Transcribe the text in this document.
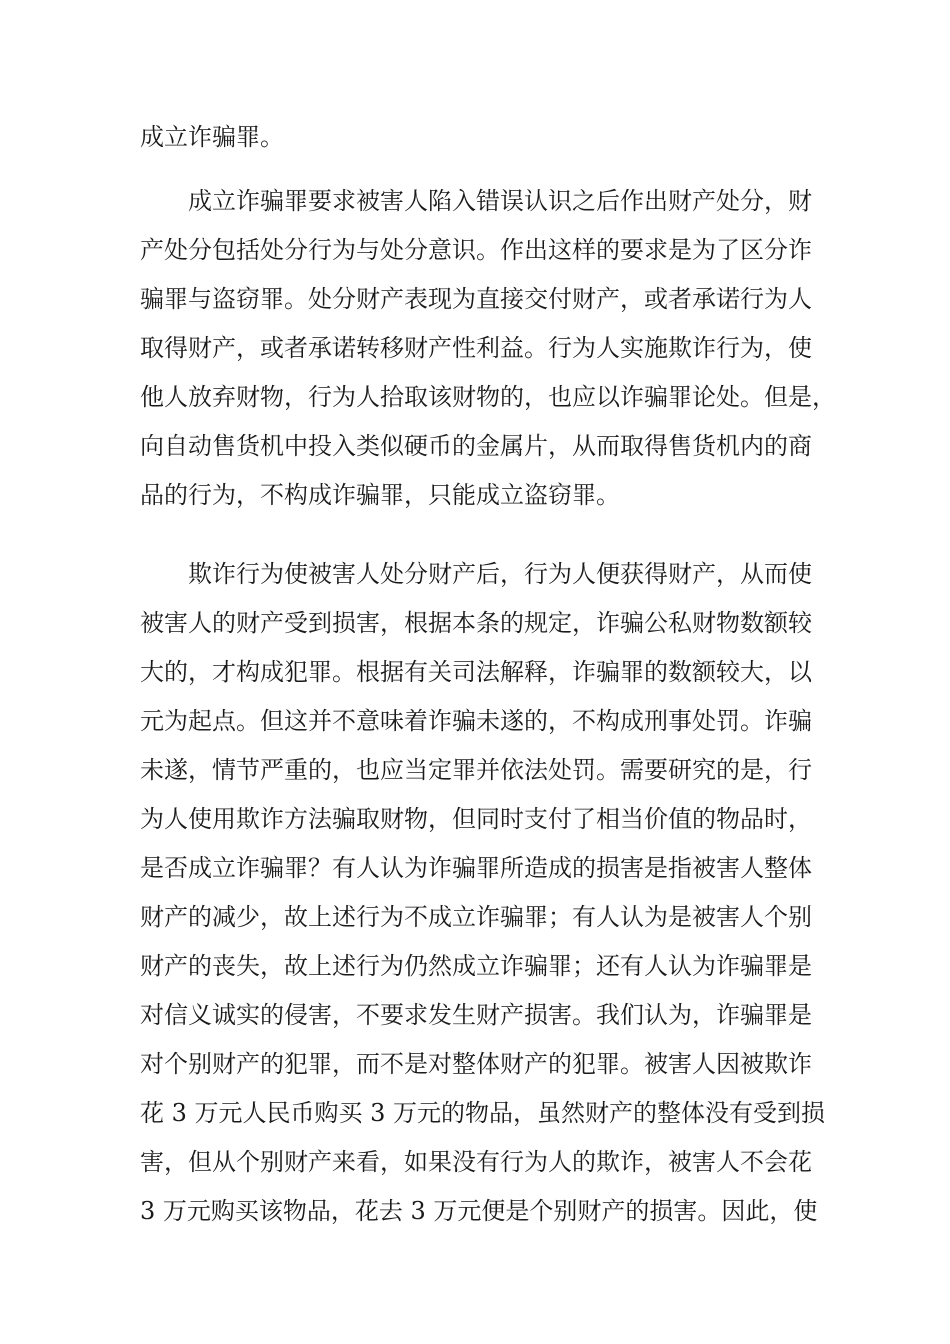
成立诈骗罪。
成立诈骗罪要求被害人陷入错误认识之后作出财产处分，财
产处分包括处分行为与处分意识。作出这样的要求是为了区分诈
骗罪与盗窃罪。处分财产表现为直接交付财产，或者承诺行为人
取得财产，或者承诺转移财产性利益。行为人实施欺诈行为，使
他人放弃财物，行为人拾取该财物的，也应以诈骗罪论处。但是，
向自动售货机中投入类似硬币的金属片，从而取得售货机内的商
品的行为，不构成诈骗罪，只能成立盗窃罪。
欺诈行为使被害人处分财产后，行为人便获得财产，从而使
被害人的财产受到损害，根据本条的规定，诈骗公私财物数额较
大的，才构成犯罪。根据有关司法解释，诈骗罪的数额较大，以
元为起点。但这并不意味着诈骗未遂的，不构成刑事处罚。诈骗
未遂，情节严重的，也应当定罪并依法处罚。需要研究的是，行
为人使用欺诈方法骗取财物，但同时支付了相当价值的物品时，
是否成立诈骗罪？有人认为诈骗罪所造成的损害是指被害人整体
财产的减少，故上述行为不成立诈骗罪；有人认为是被害人个别
财产的丧失，故上述行为仍然成立诈骗罪；还有人认为诈骗罪是
对信义诚实的侵害，不要求发生财产损害。我们认为，诈骗罪是
对个别财产的犯罪，而不是对整体财产的犯罪。被害人因被欺诈
花 3 万元人民币购买 3 万元的物品，虽然财产的整体没有受到损
害，但从个别财产来看，如果没有行为人的欺诈，被害人不会花
3 万元购买该物品，花去 3 万元便是个别财产的损害。因此，使
